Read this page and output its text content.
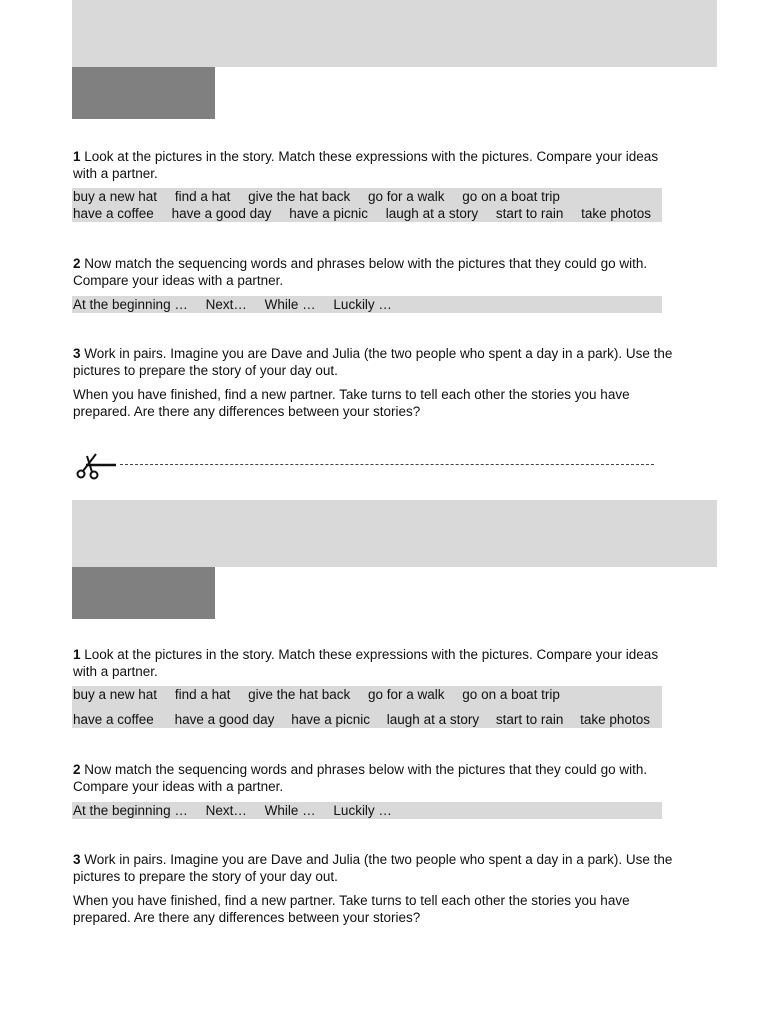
1 Look at the pictures in the story. Match these expressions with the pictures. Compare your ideas with a partner.

buy a new hat find a hat give the hat back go for a walk go on a boat trip
have a coffee have a good day have a picnic laugh at a story start to rain take photos

2 Now match the sequencing words and phrases below with the pictures that they could go with. Compare your ideas with a partner.

At the beginning … Next… While … Luckily …

3 Work in pairs. Imagine you are Dave and Julia (the two people who spent a day in a park). Use the pictures to prepare the story of your day out.

When you have finished, find a new partner. Take turns to tell each other the stories you have prepared. Are there any differences between your stories?

1 Look at the pictures in the story. Match these expressions with the pictures. Compare your ideas with a partner.

buy a new hat find a hat give the hat back go for a walk go on a boat trip
have a coffee have a good day have a picnic laugh at a story start to rain take photos

2 Now match the sequencing words and phrases below with the pictures that they could go with. Compare your ideas with a partner.

At the beginning … Next… While … Luckily …

3 Work in pairs. Imagine you are Dave and Julia (the two people who spent a day in a park). Use the pictures to prepare the story of your day out.

When you have finished, find a new partner. Take turns to tell each other the stories you have prepared. Are there any differences between your stories?
